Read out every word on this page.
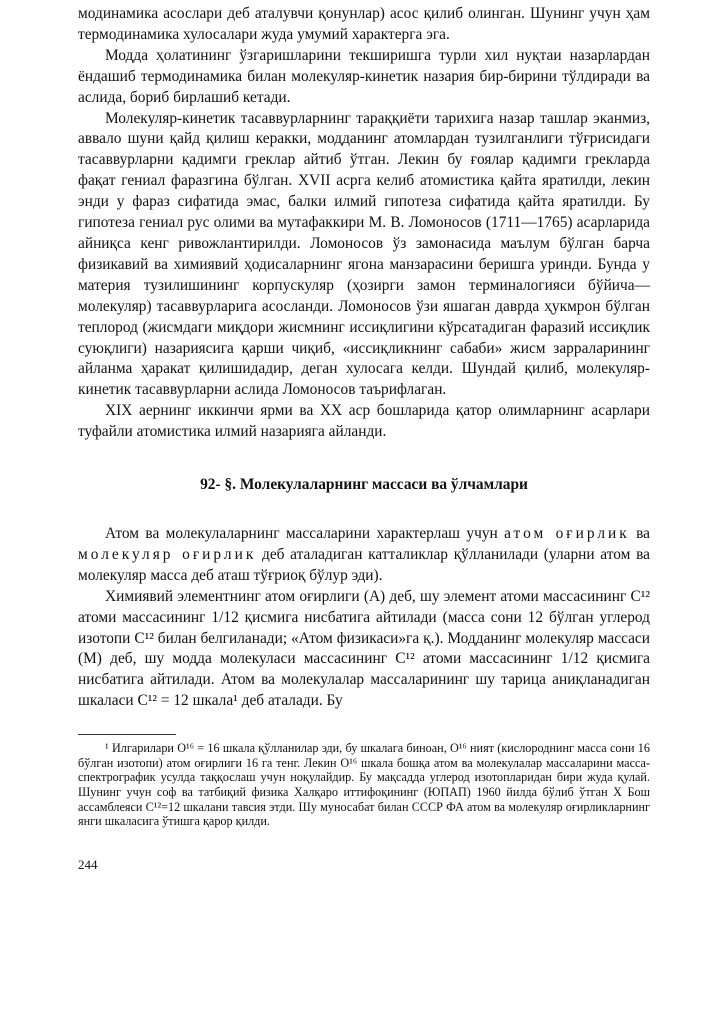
модинамика асослари деб аталувчи қонунлар) асос қилиб олинган. Шунинг учун ҳам термодинамика хулосалари жуда умумий характерга эга.

Модда ҳолатининг ўзгаришларини текширишга турли хил нуқтаи назарлардан ёндашиб термодинамика билан молекуляр-кинетик назария бир-бирини тўлдиради ва аслида, бориб бирлашиб кетади.

Молекуляр-кинетик тасаввурларнинг тараққиёти тарихига назар ташлар эканмиз, аввало шуни қайд қилиш керакки, модданинг атомлардан тузилганлиги тўғрисидаги тасаввурларни қадимги греклар айтиб ўтган. Лекин бу ғоялар қадимги грекларда фақат гениал фаразгина бўлган. XVII асрга келиб атомистика қайта яратилди, лекин энди у фараз сифатида эмас, балки илмий гипотеза сифатида қайта яратилди. Бу гипотеза гениал рус олими ва мутафаккири М. В. Ломоносов (1711—1765) асарларида айниқса кенг ривожлантирилди. Ломоносов ўз замонасида маълум бўлган барча физикавий ва химиявий ҳодисаларнинг ягона манзарасини беришга уринди. Бунда у материя тузилишининг корпускуляр (ҳозирги замон терминалогияси бўйича—молекуляр) тасаввурларига асосланди. Ломоносов ўзи яшаган даврда ҳукмрон бўлган теплород (жисмдаги миқдори жисмнинг иссиқлигини кўрсатадиган фаразий иссиқлик суюқлиги) назариясига қарши чиқиб, «иссиқликнинг сабаби» жисм зарраларининг айланма ҳаракат қилишидадир, деган хулосага келди. Шундай қилиб, молекуляр-кинетик тасаввурларни аслида Ломоносов таърифлаган.

XIX аернинг иккинчи ярми ва XX аср бошларида қатор олимларнинг асарлари туфайли атомистика илмий назарияга айланди.

92- §. Молекулаларнинг массаси ва ўлчамлари

Атом ва молекулаларнинг массаларини характерлаш учун атом оғирлик ва молекуляр оғирлик деб аталадиган катталиклар қўлланилади (уларни атом ва молекуляр масса деб аташ тўғриоқ бўлур эди).

Химиявий элементнинг атом оғирлиги (A) деб, шу элемент атоми массасининг C¹² атоми массасининг 1/12 қисмига нисбатига айтилади (масса сони 12 бўлган углерод изотопи C¹² билан белгиланади; «Атом физикаси»га қ.). Модданинг молекуляр массаси (M) деб, шу модда молекуласи массасининг C¹² атоми массасининг 1/12 қисмига нисбатига айтилади. Атом ва молекулалар массаларининг шу тарица аниқланадиган шкаласи C¹² = 12 шкала¹ деб аталади. Бу

¹ Илгарилари O¹⁶ = 16 шкала қўлланилар эди, бу шкалага биноан, O¹⁶ ният (кислороднинг масса сони 16 бўлган изотопи) атом оғирлиги 16 га тенг. Лекин O¹⁶ шкала бошқа атом ва молекулалар массаларини масса-спектрографик усулда таққослаш учун ноқулайдир. Бу мақсадда углерод изотопларидан бири жуда қулай. Шунинг учун соф ва татбиқий физика Халқаро иттифоқининг (ЮПАП) 1960 йилда бўлиб ўтган X Бош ассамблеяси C¹²=12 шкалани тавсия этди. Шу муносабат билан СССР ФА атом ва молекуляр оғирликларнинг янги шкаласига ўтишга қарор қилди.

244
